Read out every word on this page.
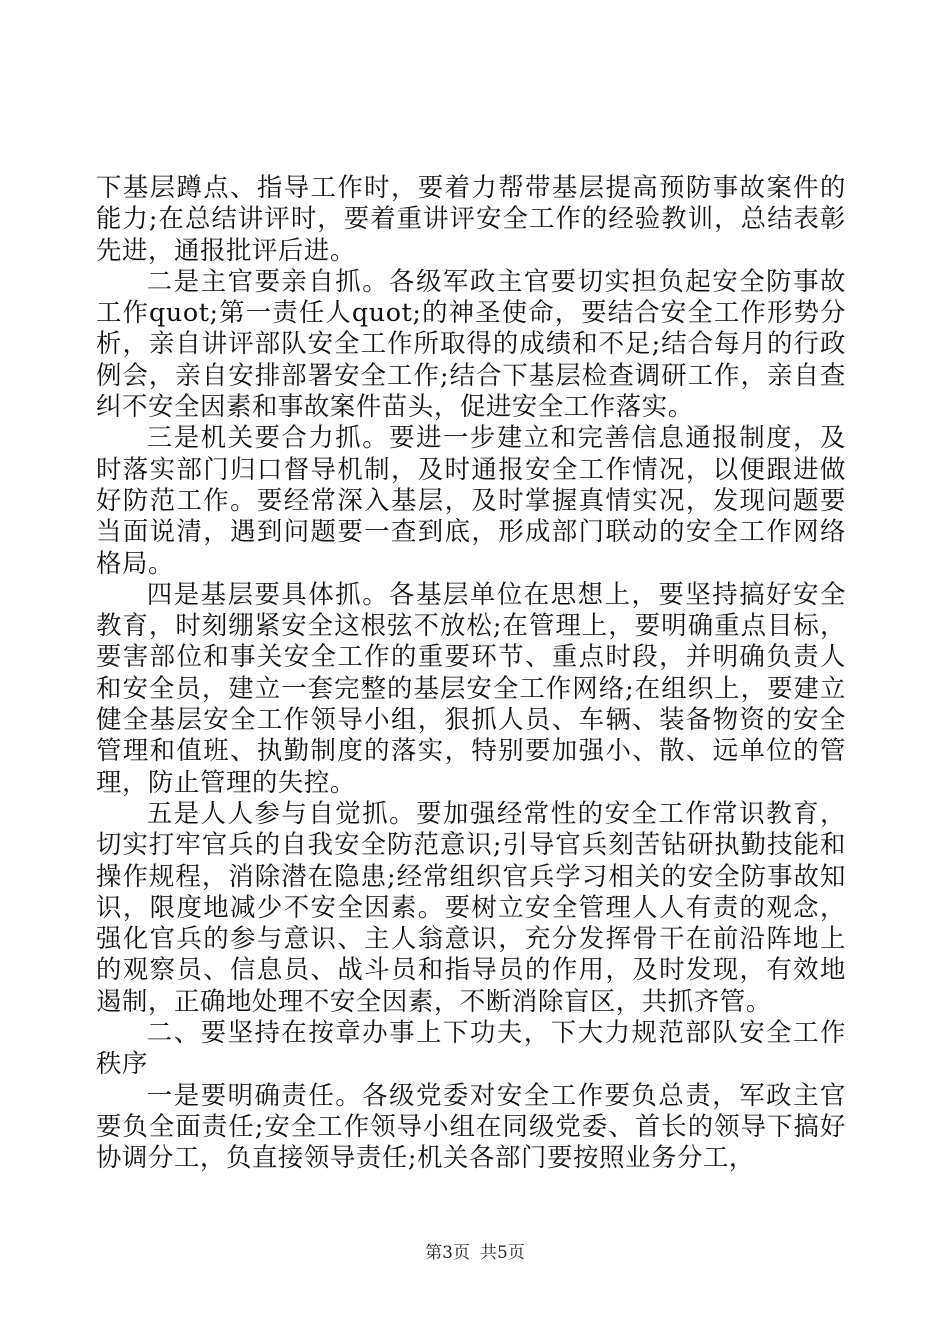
下基层蹲点、指导工作时，要着力帮带基层提高预防事故案件的能力;在总结讲评时，要着重讲评安全工作的经验教训，总结表彰先进，通报批评后进。

二是主官要亲自抓。各级军政主官要切实担负起安全防事故工作quot;第一责任人quot;的神圣使命，要结合安全工作形势分析，亲自讲评部队安全工作所取得的成绩和不足;结合每月的行政例会，亲自安排部署安全工作;结合下基层检查调研工作，亲自查纠不安全因素和事故案件苗头，促进安全工作落实。

三是机关要合力抓。要进一步建立和完善信息通报制度，及时落实部门归口督导机制，及时通报安全工作情况，以便跟进做好防范工作。要经常深入基层，及时掌握真情实况，发现问题要当面说清，遇到问题要一查到底，形成部门联动的安全工作网络格局。

四是基层要具体抓。各基层单位在思想上，要坚持搞好安全教育，时刻绷紧安全这根弦不放松;在管理上，要明确重点目标，要害部位和事关安全工作的重要环节、重点时段，并明确负责人和安全员，建立一套完整的基层安全工作网络;在组织上，要建立健全基层安全工作领导小组，狠抓人员、车辆、装备物资的安全管理和值班、执勤制度的落实，特别要加强小、散、远单位的管理，防止管理的失控。

五是人人参与自觉抓。要加强经常性的安全工作常识教育，切实打牢官兵的自我安全防范意识;引导官兵刻苦钻研执勤技能和操作规程，消除潜在隐患;经常组织官兵学习相关的安全防事故知识，限度地减少不安全因素。要树立安全管理人人有责的观念，强化官兵的参与意识、主人翁意识，充分发挥骨干在前沿阵地上的观察员、信息员、战斗员和指导员的作用，及时发现，有效地遏制，正确地处理不安全因素，不断消除盲区，共抓齐管。

二、要坚持在按章办事上下功夫，下大力规范部队安全工作秩序

一是要明确责任。各级党委对安全工作要负总责，军政主官要负全面责任;安全工作领导小组在同级党委、首长的领导下搞好协调分工，负直接领导责任;机关各部门要按照业务分工，

第3页 共5页
